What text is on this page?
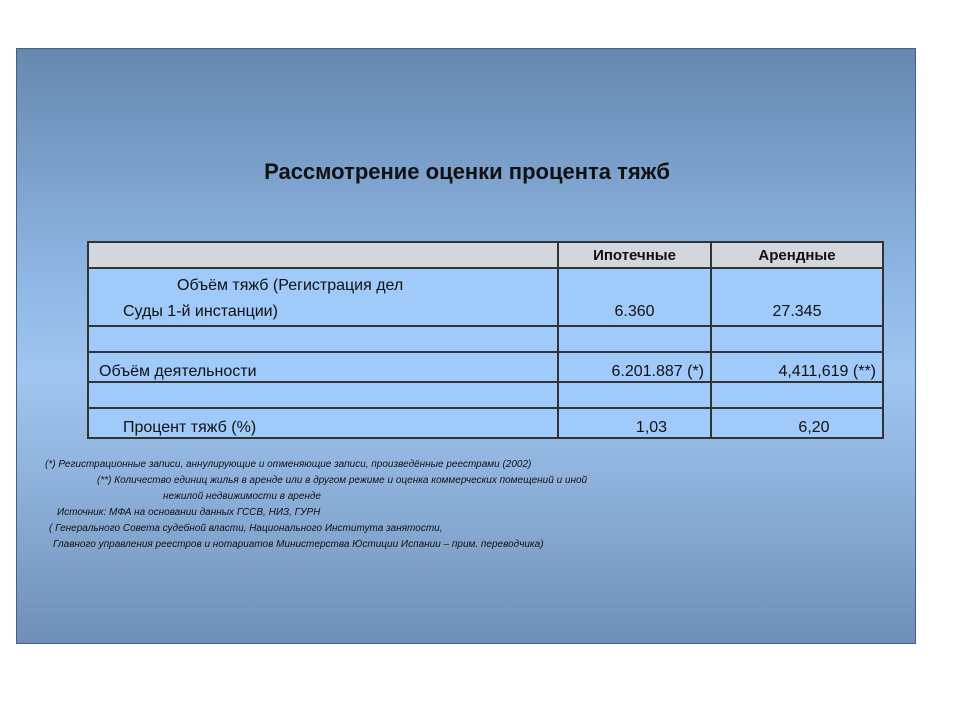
Рассмотрение оценки процента тяжб
	Ипотечные	Арендные

Объём тяжб (Регистрация дел
Суды 1-й инстанции)	6.360	27.345

Объём деятельности	6.201.887 (*)	4,411,619 (**)

Процент тяжб (%)	1,03	6,20
(*) Регистрационные записи, аннулирующие и отменяющие записи, произведённые реестрами (2002)
(**) Количество единиц жилья в аренде или в другом режиме и оценка коммерческих помещений и иной
нежилой недвижимости в аренде
Источник: МФА на основании данных ГССВ, НИЗ, ГУРН
( Генерального Совета судебной власти, Национального Института занятости,
Главного управления реестров и нотариатов Министерства Юстиции Испании – прим. переводчика)
